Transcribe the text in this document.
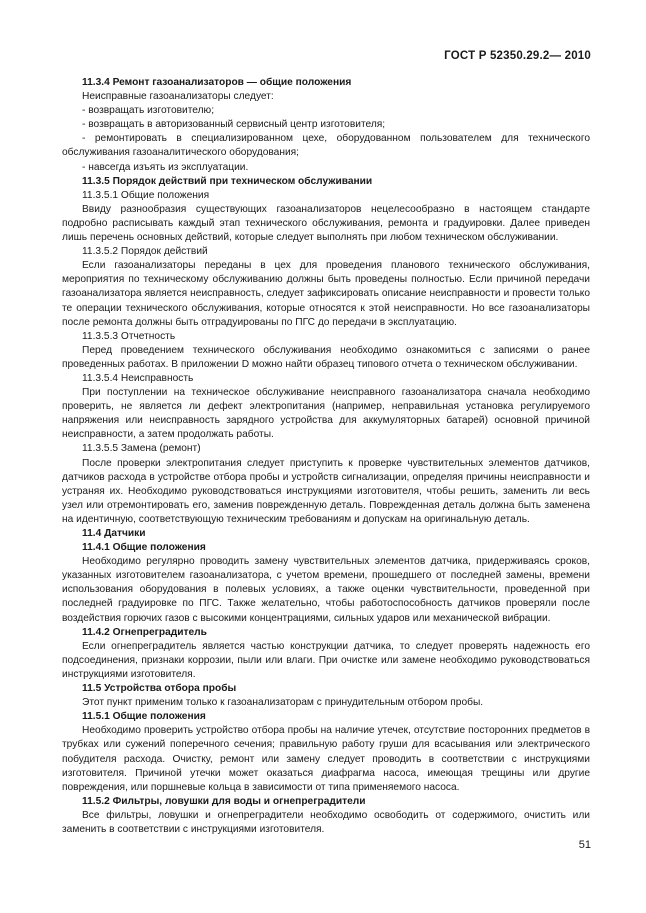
ГОСТ Р 52350.29.2— 2010

11.3.4 Ремонт газоанализаторов — общие положения

Неисправные газоанализаторы следует:

- возвращать изготовителю;

- возвращать в авторизованный сервисный центр изготовителя;

- ремонтировать в специализированном цехе, оборудованном пользователем для технического обслуживания газоаналитического оборудования;

- навсегда изъять из эксплуатации.

11.3.5 Порядок действий при техническом обслуживании

11.3.5.1 Общие положения

Ввиду разнообразия существующих газоанализаторов нецелесообразно в настоящем стандарте подробно расписывать каждый этап технического обслуживания, ремонта и градуировки. Далее приведен лишь перечень основных действий, которые следует выполнять при любом техническом обслуживании.

11.3.5.2 Порядок действий

Если газоанализаторы переданы в цех для проведения планового технического обслуживания, мероприятия по техническому обслуживанию должны быть проведены полностью. Если причиной передачи газоанализатора является неисправность, следует зафиксировать описание неисправности и провести только те операции технического обслуживания, которые относятся к этой неисправности. Но все газоанализаторы после ремонта должны быть отградуированы по ПГС до передачи в эксплуатацию.

11.3.5.3 Отчетность

Перед проведением технического обслуживания необходимо ознакомиться с записями о ранее проведенных работах. В приложении D можно найти образец типового отчета о техническом обслуживании.

11.3.5.4 Неисправность

При поступлении на техническое обслуживание неисправного газоанализатора сначала необходимо проверить, не является ли дефект электропитания (например, неправильная установка регулируемого напряжения или неисправность зарядного устройства для аккумуляторных батарей) основной причиной неисправности, а затем продолжать работы.

11.3.5.5 Замена (ремонт)

После проверки электропитания следует приступить к проверке чувствительных элементов датчиков, датчиков расхода в устройстве отбора пробы и устройств сигнализации, определяя причины неисправности и устраняя их. Необходимо руководствоваться инструкциями изготовителя, чтобы решить, заменить ли весь узел или отремонтировать его, заменив поврежденную деталь. Поврежденная деталь должна быть заменена на идентичную, соответствующую техническим требованиям и допускам на оригинальную деталь.

11.4 Датчики

11.4.1 Общие положения

Необходимо регулярно проводить замену чувствительных элементов датчика, придерживаясь сроков, указанных изготовителем газоанализатора, с учетом времени, прошедшего от последней замены, времени использования оборудования в полевых условиях, а также оценки чувствительности, проведенной при последней градуировке по ПГС. Также желательно, чтобы работоспособность датчиков проверяли после воздействия горючих газов с высокими концентрациями, сильных ударов или механической вибрации.

11.4.2 Огнепреградитель

Если огнепреградитель является частью конструкции датчика, то следует проверять надежность его подсоединения, признаки коррозии, пыли или влаги. При очистке или замене необходимо руководствоваться инструкциями изготовителя.

11.5 Устройства отбора пробы

Этот пункт применим только к газоанализаторам с принудительным отбором пробы.

11.5.1 Общие положения

Необходимо проверить устройство отбора пробы на наличие утечек, отсутствие посторонних предметов в трубках или сужений поперечного сечения; правильную работу груши для всасывания или электрического побудителя расхода. Очистку, ремонт или замену следует проводить в соответствии с инструкциями изготовителя. Причиной утечки может оказаться диафрагма насоса, имеющая трещины или другие повреждения, или поршневые кольца в зависимости от типа применяемого насоса.

11.5.2 Фильтры, ловушки для воды и огнепреградители

Все фильтры, ловушки и огнепреградители необходимо освободить от содержимого, очистить или заменить в соответствии с инструкциями изготовителя.

51
